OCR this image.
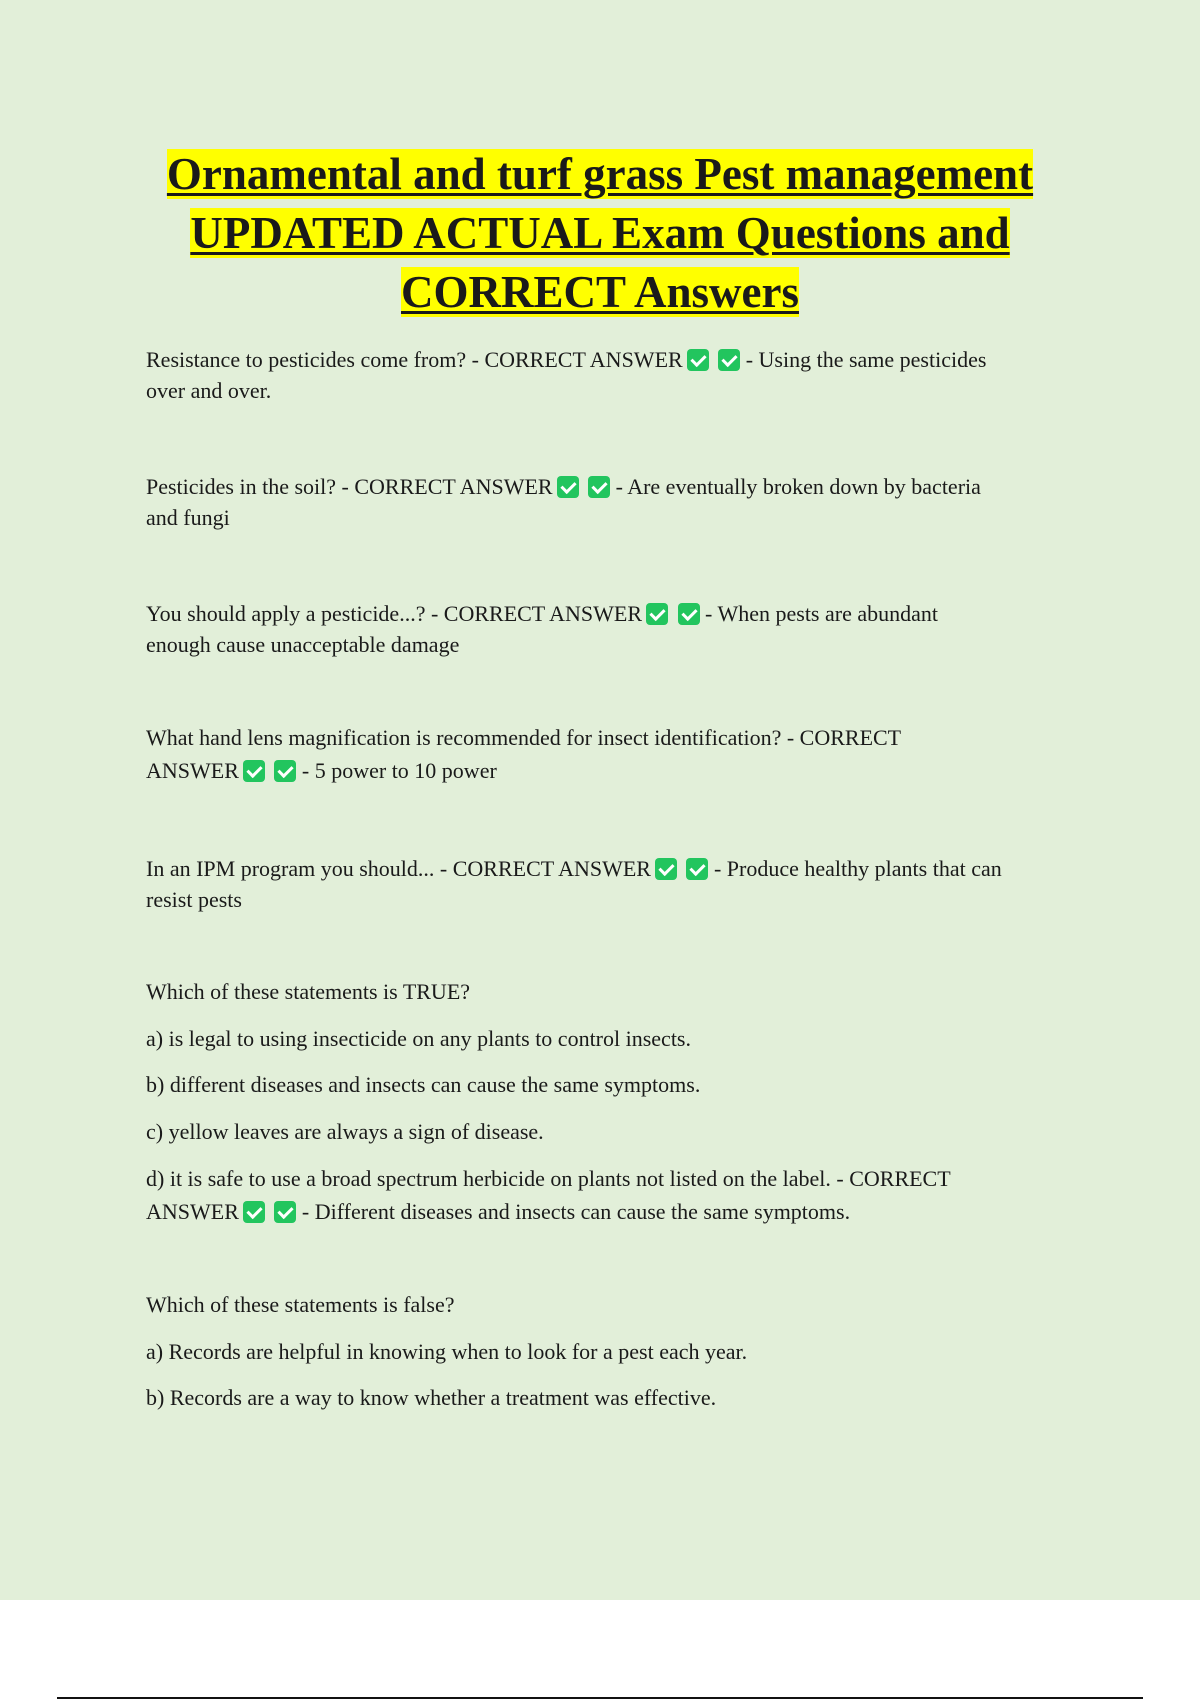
Ornamental and turf grass Pest management
UPDATED ACTUAL Exam Questions and
CORRECT Answers
Resistance to pesticides come from? - CORRECT ANSWER	- Using the same pesticides
over and over.
Pesticides in the soil? - CORRECT ANSWER	- Are eventually broken down by bacteria
and fungi
You should apply a pesticide...? - CORRECT ANSWER	- When pests are abundant
enough cause unacceptable damage
What hand lens magnification is recommended for insect identification? - CORRECT
ANSWER	- 5 power to 10 power
In an IPM program you should... - CORRECT ANSWER	- Produce healthy plants that can
resist pests
Which of these statements is TRUE?
a) is legal to using insecticide on any plants to control insects.
b) different diseases and insects can cause the same symptoms.
c) yellow leaves are always a sign of disease.
d) it is safe to use a broad spectrum herbicide on plants not listed on the label. - CORRECT
ANSWER	- Different diseases and insects can cause the same symptoms.
Which of these statements is false?
a) Records are helpful in knowing when to look for a pest each year.
b) Records are a way to know whether a treatment was effective.
